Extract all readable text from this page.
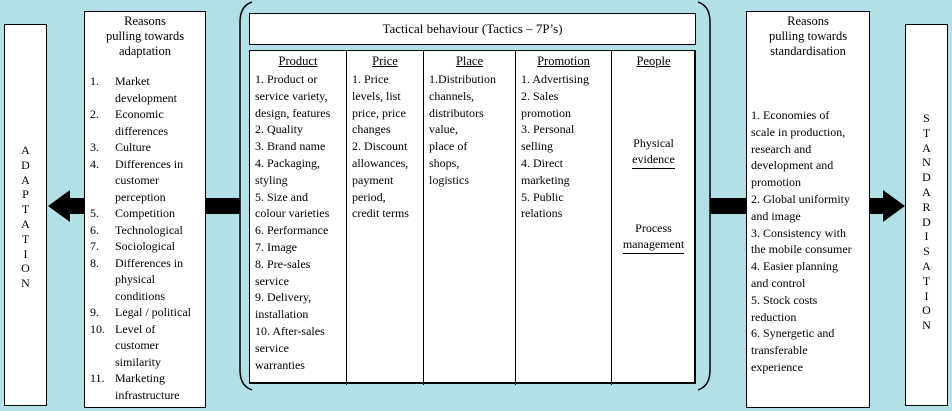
A
D
A
P
T
A
T
I
O
N
Reasons
pulling towards
adaptation
1. Market
development
2. Economic
differences
3. Culture
4. Differences in
customer
perception
5. Competition
6. Technological
7. Sociological
8. Differences in
physical
conditions
9. Legal / political
10. Level of
customer
similarity
11. Marketing
infrastructure
Tactical behaviour (Tactics – 7P’s)
Product
1. Product or
service variety,
design, features
2. Quality
3. Brand name
4. Packaging,
styling
5. Size and
colour varieties
6. Performance
7. Image
8. Pre-sales
service
9. Delivery,
installation
10. After-sales
service
warranties
Price
1. Price
levels, list
price, price
changes
2. Discount
allowances,
payment
period,
credit terms
Place
1.Distribution
channels,
distributors
value,
place of
shops,
logistics
Promotion
1. Advertising
2. Sales
promotion
3. Personal
selling
4. Direct
marketing
5. Public
relations
People
Physical
evidence
Process
management
Reasons
pulling towards
standardisation
1. Economies of
scale in production,
research and
development and
promotion
2. Global uniformity
and image
3. Consistency with
the mobile consumer
4. Easier planning
and control
5. Stock costs
reduction
6. Synergetic and
transferable
experience
S
T
A
N
D
A
R
D
I
S
A
T
I
O
N
